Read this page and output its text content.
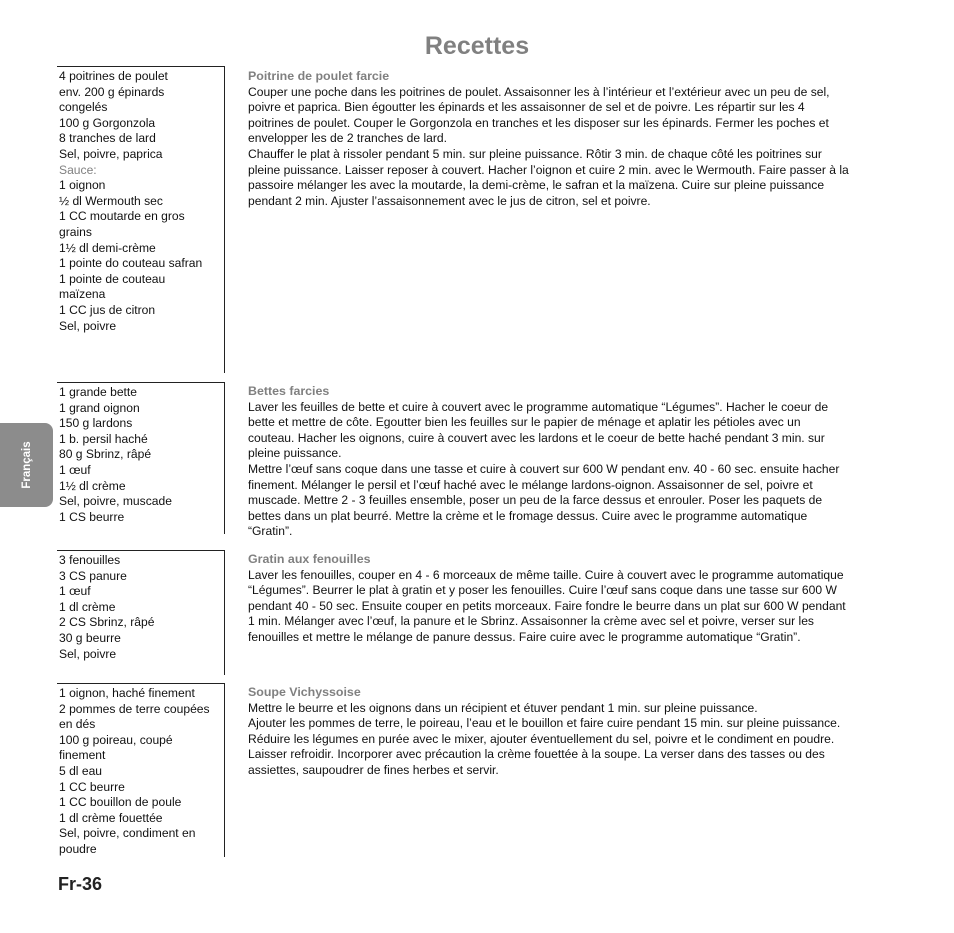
Recettes
4 poitrines de poulet
env. 200 g épinards
congelés
100 g Gorgonzola
8 tranches de lard
Sel, poivre, paprica
Sauce:
1 oignon
½ dl Wermouth sec
1 CC moutarde en gros
grains
1½ dl demi-crème
1 pointe do couteau safran
1 pointe de couteau
maïzena
1 CC jus de citron
Sel, poivre
Poitrine de poulet farcie
Couper une poche dans les poitrines de poulet. Assaisonner les à l’intérieur et l’extérieur avec un peu de sel,
poivre et paprica. Bien égoutter les épinards et les assaisonner de sel et de poivre. Les répartir sur les 4
poitrines de poulet. Couper le Gorgonzola en tranches et les disposer sur les épinards. Fermer les poches et
envelopper les de 2 tranches de lard.
Chauffer le plat à rissoler pendant 5 min. sur pleine puissance. Rôtir 3 min. de chaque côté les poitrines sur
pleine puissance. Laisser reposer à couvert. Hacher l’oignon et cuire 2 min. avec le Wermouth. Faire passer à la
passoire mélanger les avec la moutarde, la demi-crème, le safran et la maïzena. Cuire sur pleine puissance
pendant 2 min. Ajuster l’assaisonnement avec le jus de citron, sel et poivre.
1 grande bette
1 grand oignon
150 g lardons
1 b. persil haché
80 g Sbrinz, râpé
1 œuf
1½ dl crème
Sel, poivre, muscade
1 CS beurre
Bettes farcies
Laver les feuilles de bette et cuire à couvert avec le programme automatique “Légumes”. Hacher le coeur de
bette et mettre de côte. Egoutter bien les feuilles sur le papier de ménage et aplatir les pétioles avec un
couteau. Hacher les oignons, cuire à couvert avec les lardons et le coeur de bette haché pendant 3 min. sur
pleine puissance.
Mettre l’œuf sans coque dans une tasse et cuire à couvert sur 600 W pendant env. 40 - 60 sec. ensuite hacher
finement. Mélanger le persil et l’œuf haché avec le mélange lardons-oignon. Assaisonner de sel, poivre et
muscade. Mettre 2 - 3 feuilles ensemble, poser un peu de la farce dessus et enrouler. Poser les paquets de
bettes dans un plat beurré. Mettre la crème et le fromage dessus. Cuire avec le programme automatique
“Gratin”.
3 fenouilles
3 CS panure
1 œuf
1 dl crème
2 CS Sbrinz, râpé
30 g beurre
Sel, poivre
Gratin aux fenouilles
Laver les fenouilles, couper en 4 - 6 morceaux de même taille. Cuire à couvert avec le programme automatique
“Légumes”. Beurrer le plat à gratin et y poser les fenouilles. Cuire l’œuf sans coque dans une tasse sur 600 W
pendant 40 - 50 sec. Ensuite couper en petits morceaux. Faire fondre le beurre dans un plat sur 600 W pendant
1 min. Mélanger avec l’œuf, la panure et le Sbrinz. Assaisonner la crème avec sel et poivre, verser sur les
fenouilles et mettre le mélange de panure dessus. Faire cuire avec le programme automatique “Gratin”.
1 oignon, haché finement
2 pommes de terre coupées
en dés
100 g poireau, coupé
finement
5 dl eau
1 CC beurre
1 CC bouillon de poule
1 dl crème fouettée
Sel, poivre, condiment en
poudre
Soupe Vichyssoise
Mettre le beurre et les oignons dans un récipient et étuver pendant 1 min. sur pleine puissance.
Ajouter les pommes de terre, le poireau, l’eau et le bouillon et faire cuire pendant 15 min. sur pleine puissance.
Réduire les légumes en purée avec le mixer, ajouter éventuellement du sel, poivre et le condiment en poudre.
Laisser refroidir. Incorporer avec précaution la crème fouettée à la soupe. La verser dans des tasses ou des
assiettes, saupoudrer de fines herbes et servir.
Français
Fr-36
